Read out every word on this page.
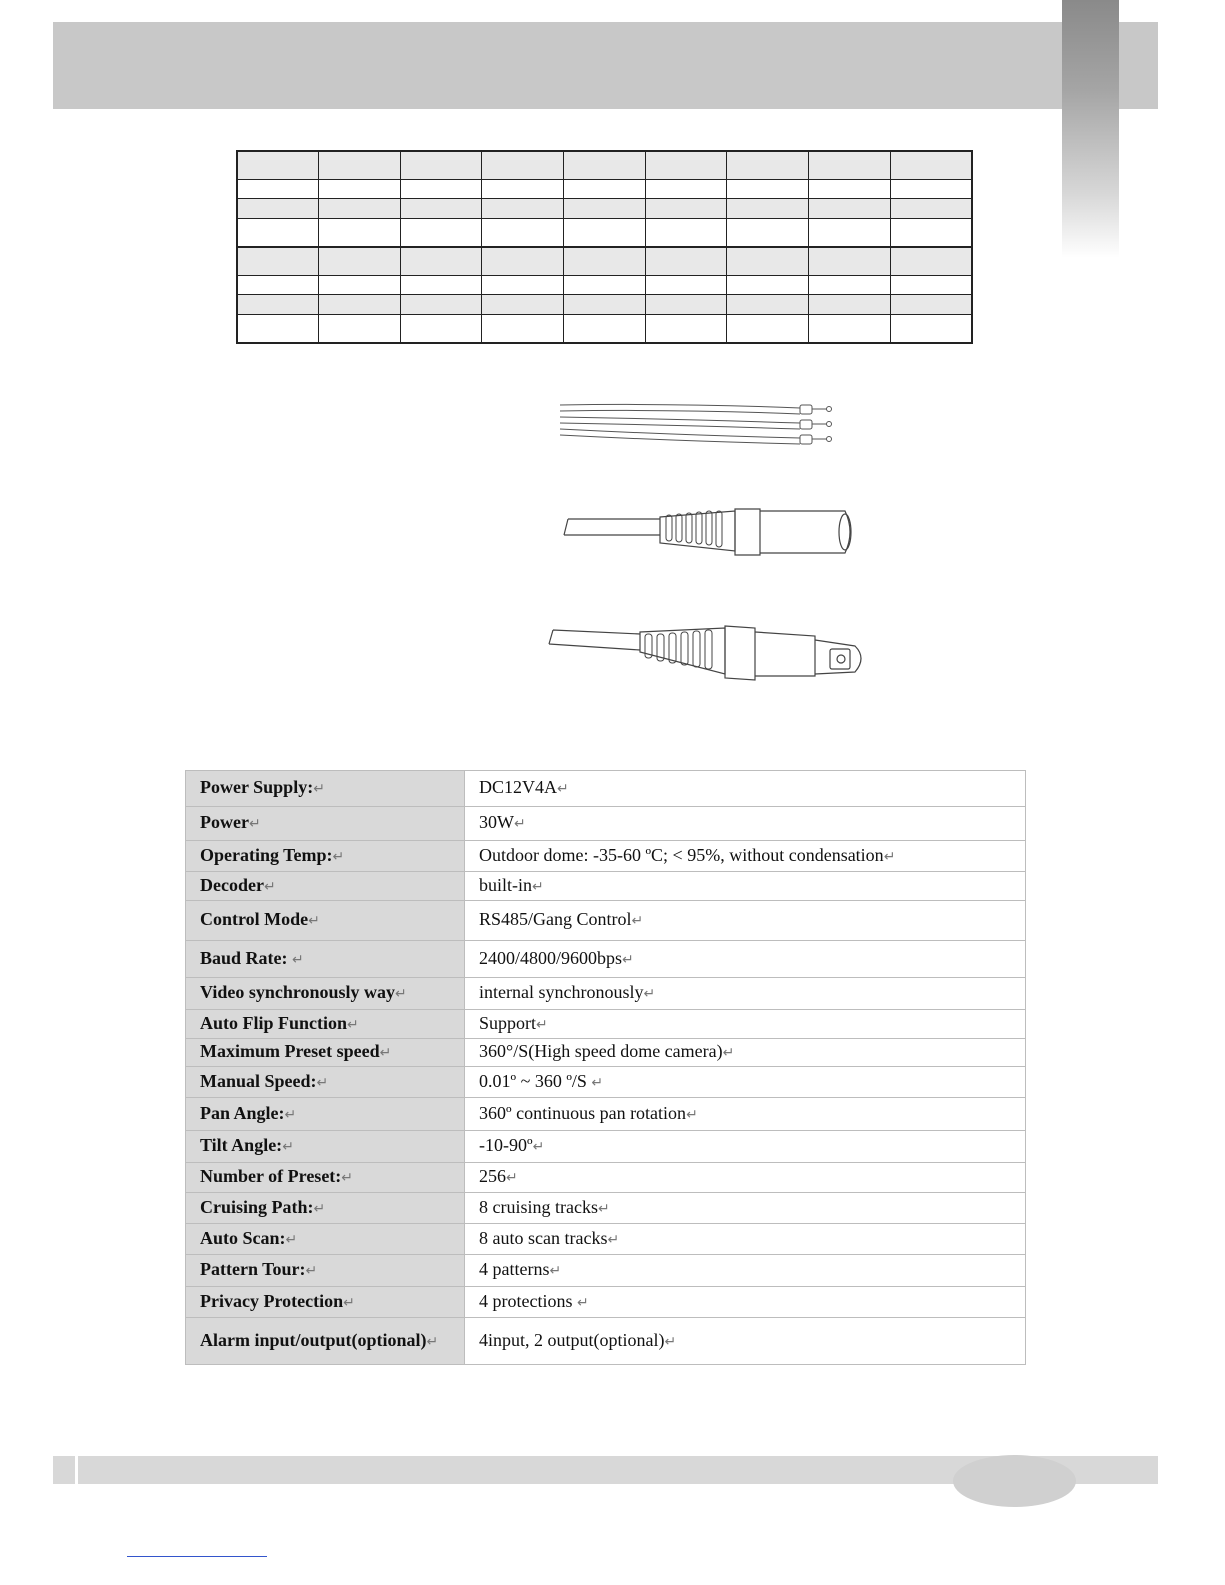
Power Supply:↵	DC12V4A↵
Power↵	30W↵
Operating Temp:↵	Outdoor dome: -35-60 ºC; < 95%, without condensation↵
Decoder↵	built-in↵
Control Mode↵	RS485/Gang Control↵
Baud Rate: ↵	2400/4800/9600bps↵
Video synchronously way↵	internal synchronously↵
Auto Flip Function↵	Support↵
Maximum Preset speed↵	360°/S(High speed dome camera)↵
Manual Speed:↵	0.01º ~ 360 º/S ↵
Pan Angle:↵	360º continuous pan rotation↵
Tilt Angle:↵	-10-90º↵
Number of Preset:↵	256↵
Cruising Path:↵	8 cruising tracks↵
Auto Scan:↵	8 auto scan tracks↵
Pattern Tour:↵	4 patterns↵
Privacy Protection↵	4 protections ↵
Alarm input/output(optional)↵	4input, 2 output(optional)↵
